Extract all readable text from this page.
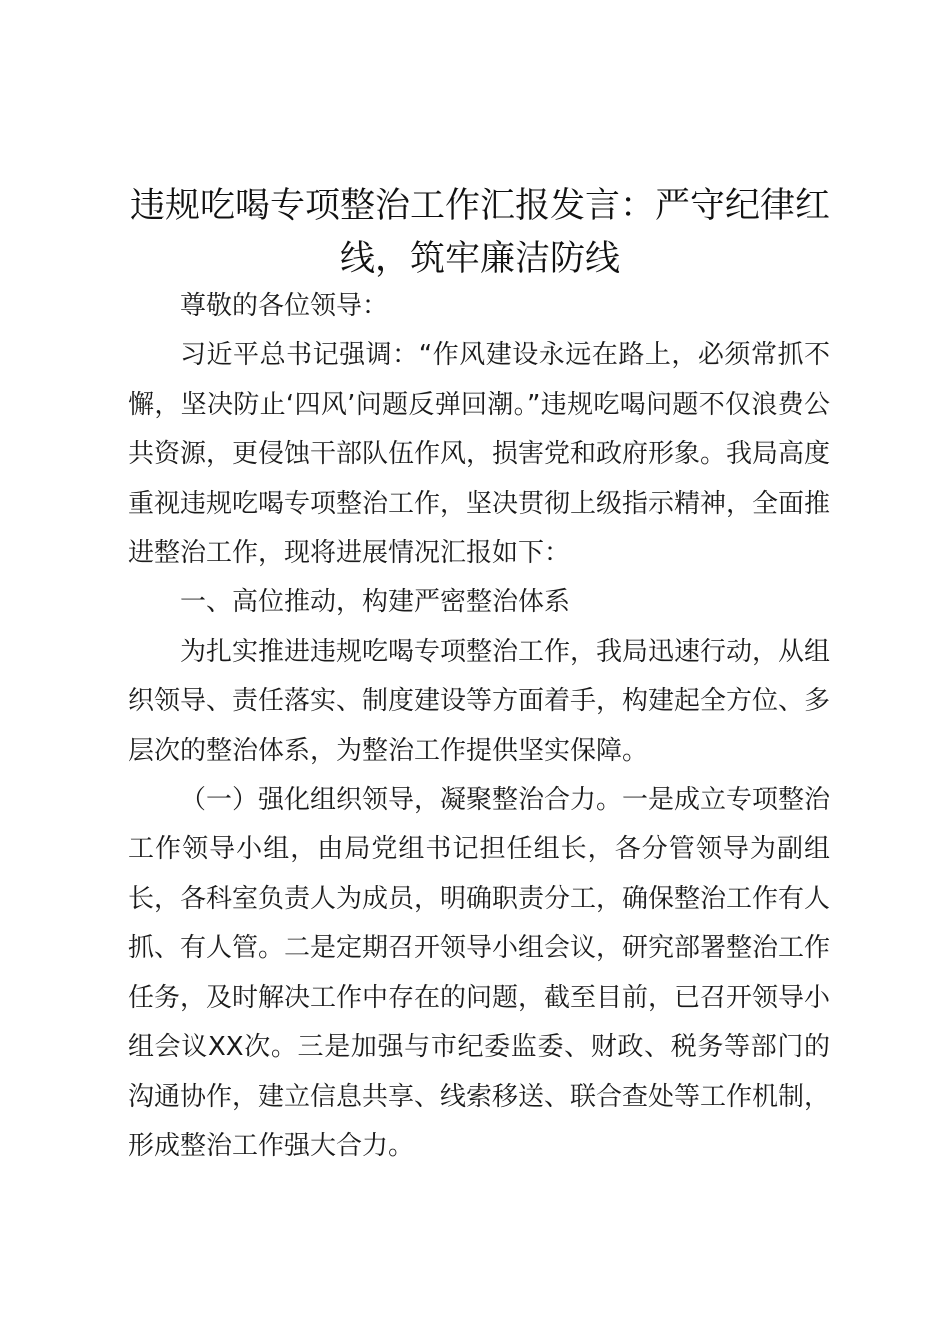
违规吃喝专项整治工作汇报发言：严守纪律红线，筑牢廉洁防线

尊敬的各位领导：

习近平总书记强调：“作风建设永远在路上，必须常抓不懈，坚决防止‘四风’问题反弹回潮。”违规吃喝问题不仅浪费公共资源，更侵蚀干部队伍作风，损害党和政府形象。我局高度重视违规吃喝专项整治工作，坚决贯彻上级指示精神，全面推进整治工作，现将进展情况汇报如下：

一、高位推动，构建严密整治体系

为扎实推进违规吃喝专项整治工作，我局迅速行动，从组织领导、责任落实、制度建设等方面着手，构建起全方位、多层次的整治体系，为整治工作提供坚实保障。

（一）强化组织领导，凝聚整治合力。一是成立专项整治工作领导小组，由局党组书记担任组长，各分管领导为副组长，各科室负责人为成员，明确职责分工，确保整治工作有人抓、有人管。二是定期召开领导小组会议，研究部署整治工作任务，及时解决工作中存在的问题，截至目前，已召开领导小组会议XX次。三是加强与市纪委监委、财政、税务等部门的沟通协作，建立信息共享、线索移送、联合查处等工作机制，形成整治工作强大合力。
